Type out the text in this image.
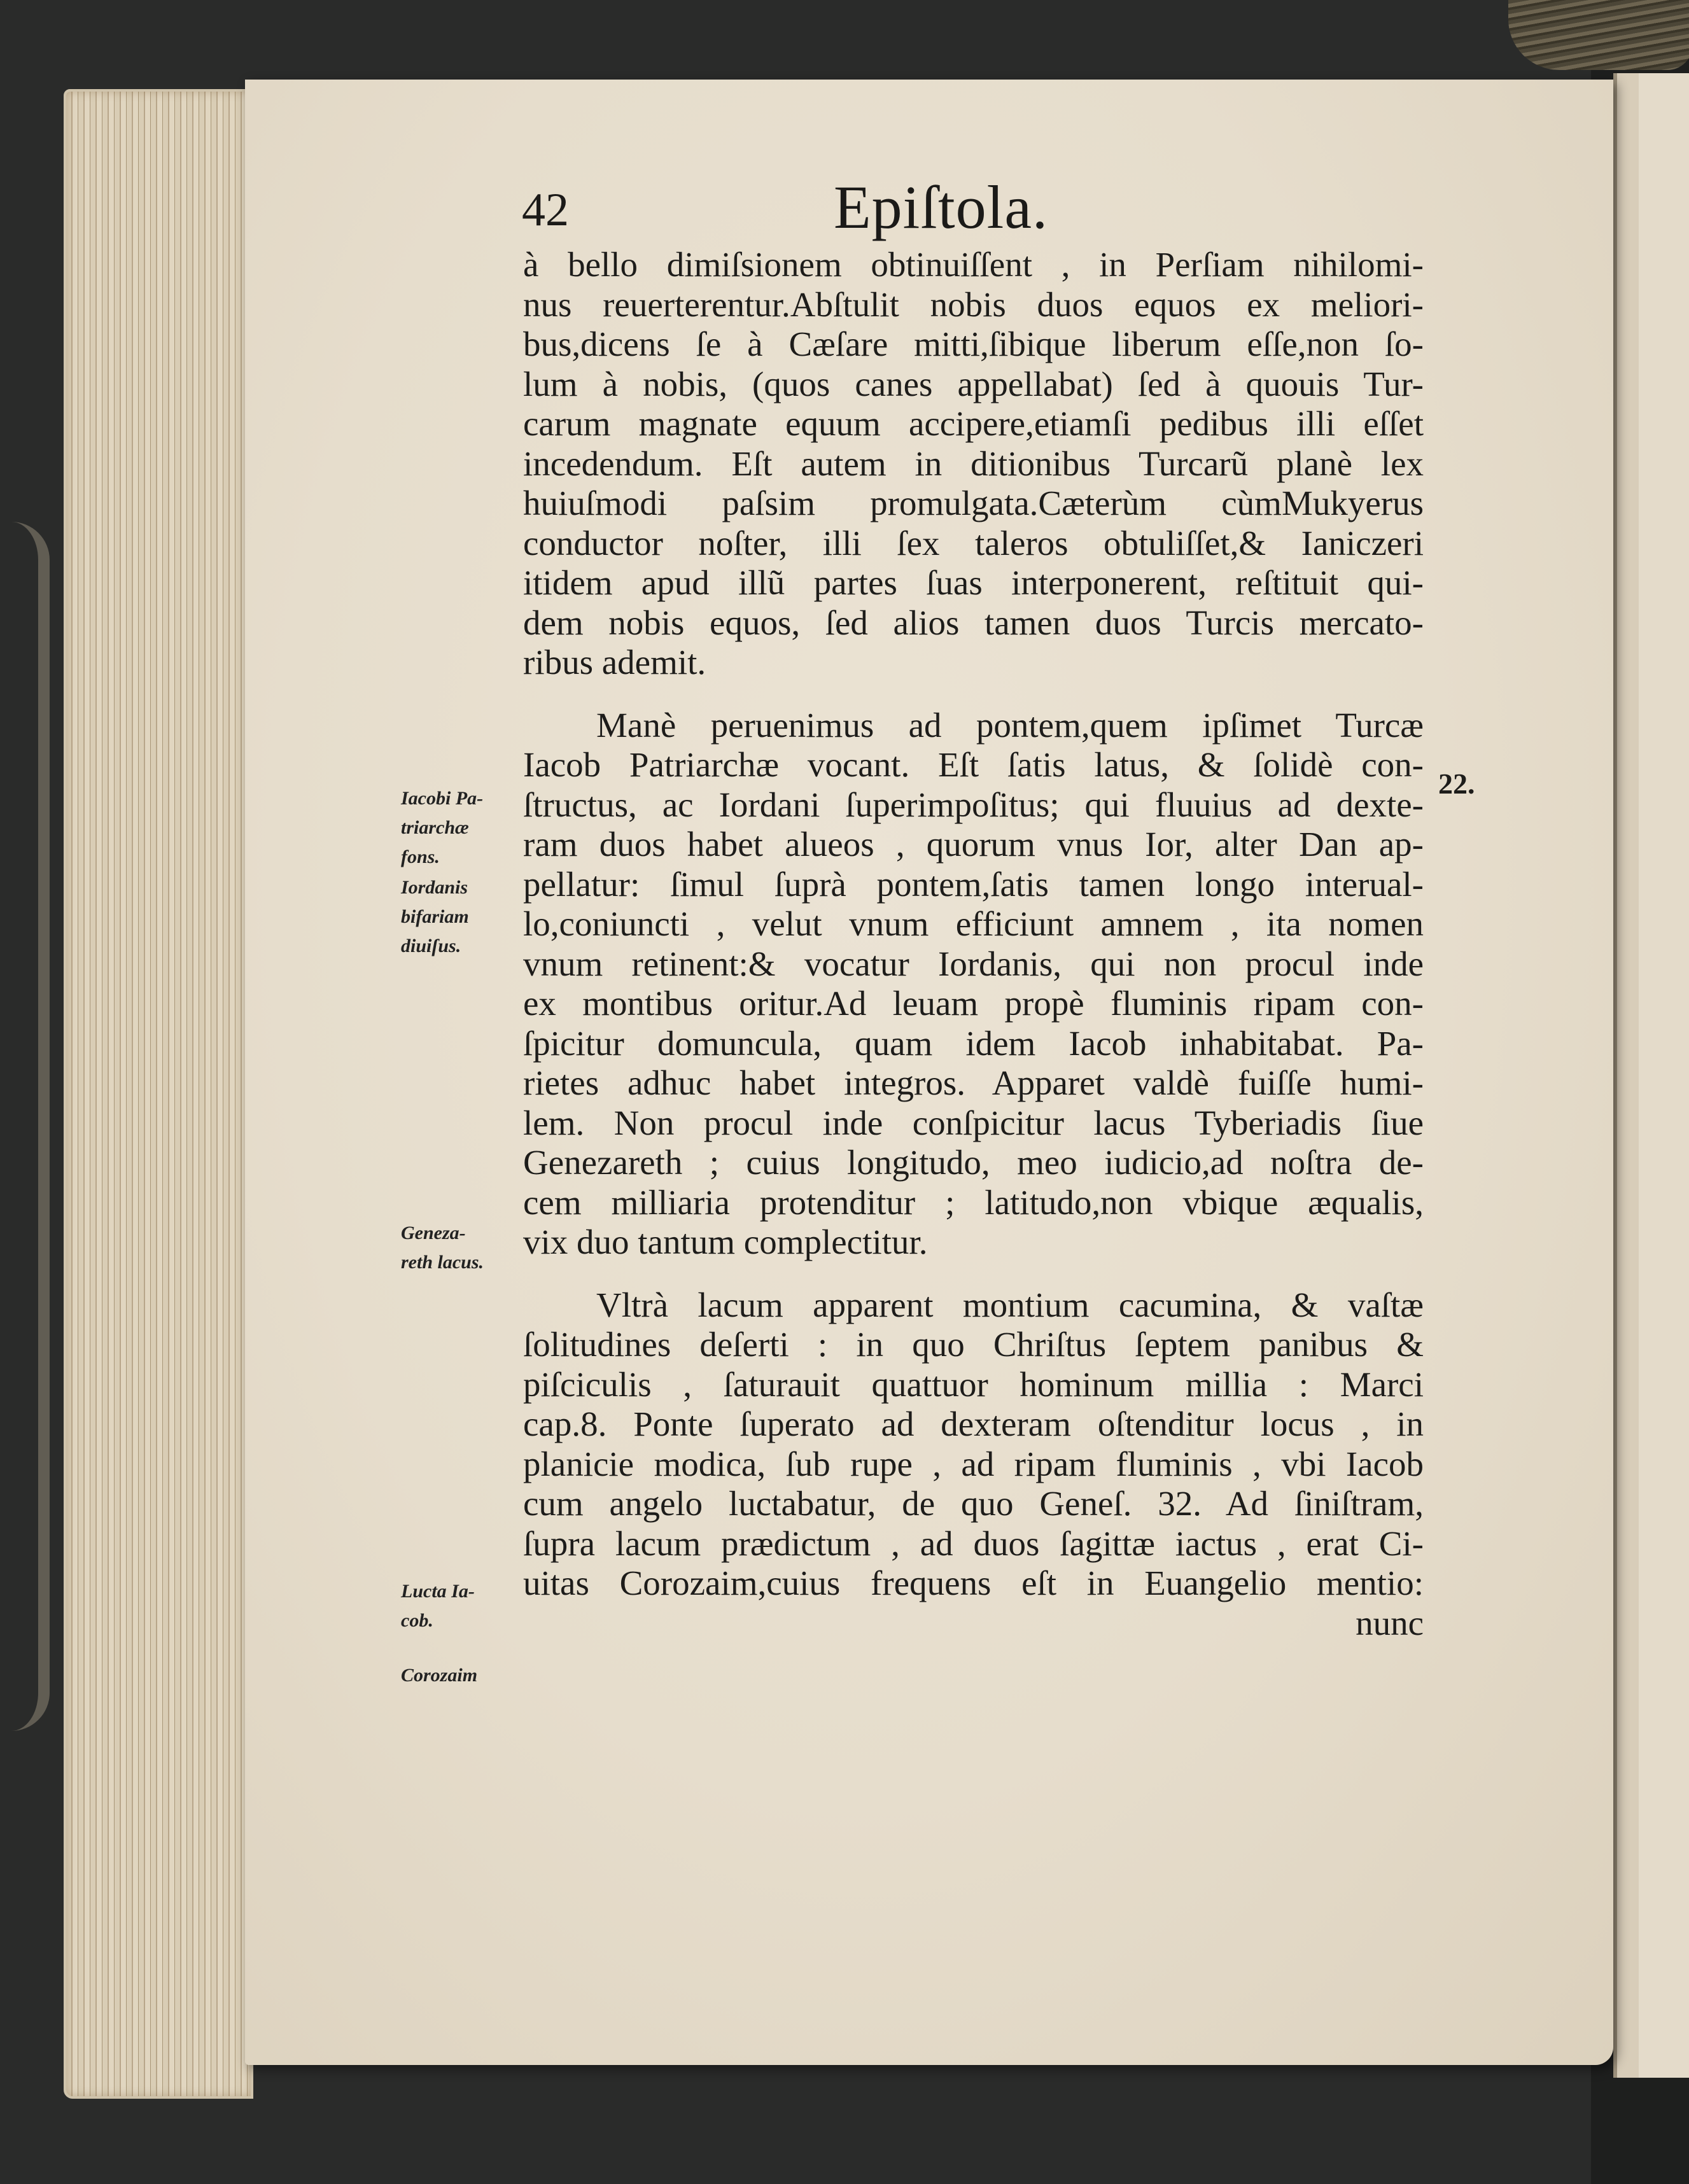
42	Epiſtola.
22.
à bello dimiſsionem obtinuiſſent , in Perſiam nihilomi-
nus reuerterentur.Abſtulit nobis duos equos ex meliori-
bus,dicens ſe à Cæſare mitti,ſibique liberum eſſe,non ſo-
lum à nobis, (quos canes appellabat) ſed à quouis Tur-
carum magnate equum accipere,etiamſi pedibus illi eſſet
incedendum. Eſt autem in ditionibus Turcarũ planè lex
huiuſmodi paſsim promulgata.Cæterùm cùmMukyerus
conductor noſter, illi ſex taleros obtuliſſet,& Ianiczeri
itidem apud illũ partes ſuas interponerent, reſtituit qui-
dem nobis equos, ſed alios tamen duos Turcis mercato-
ribus ademit.
Manè peruenimus ad pontem,quem ipſimet Turcæ
Iacob Patriarchæ vocant. Eſt ſatis latus, & ſolidè con-
ſtructus, ac Iordani ſuperimpoſitus; qui fluuius ad dexte-
ram duos habet alueos , quorum vnus Ior, alter Dan ap-
pellatur: ſimul ſuprà pontem,ſatis tamen longo interual-
lo,coniuncti , velut vnum efficiunt amnem , ita nomen
vnum retinent:& vocatur Iordanis, qui non procul inde
ex montibus oritur.Ad leuam propè fluminis ripam con-
ſpicitur domuncula, quam idem Iacob inhabitabat. Pa-
rietes adhuc habet integros. Apparet valdè fuiſſe humi-
lem. Non procul inde conſpicitur lacus Tyberiadis ſiue
Genezareth ; cuius longitudo, meo iudicio,ad noſtra de-
cem milliaria protenditur ; latitudo,non vbique æqualis,
vix duo tantum complectitur.
Vltrà lacum apparent montium cacumina, & vaſtæ
ſolitudines deſerti : in quo Chriſtus ſeptem panibus &
piſciculis , ſaturauit quattuor hominum millia : Marci
cap.8. Ponte ſuperato ad dexteram oſtenditur locus , in
planicie modica, ſub rupe , ad ripam fluminis , vbi Iacob
cum angelo luctabatur, de quo Geneſ. 32. Ad ſiniſtram,
ſupra lacum prædictum , ad duos ſagittæ iactus , erat Ci-
uitas Corozaim,cuius frequens eſt in Euangelio mentio:
nunc
Iacobi Pa-
triarchæ
fons.
Iordanis
bifariam
diuiſus.
Geneza-
reth lacus.
Lucta Ia-
cob.
Corozaim
